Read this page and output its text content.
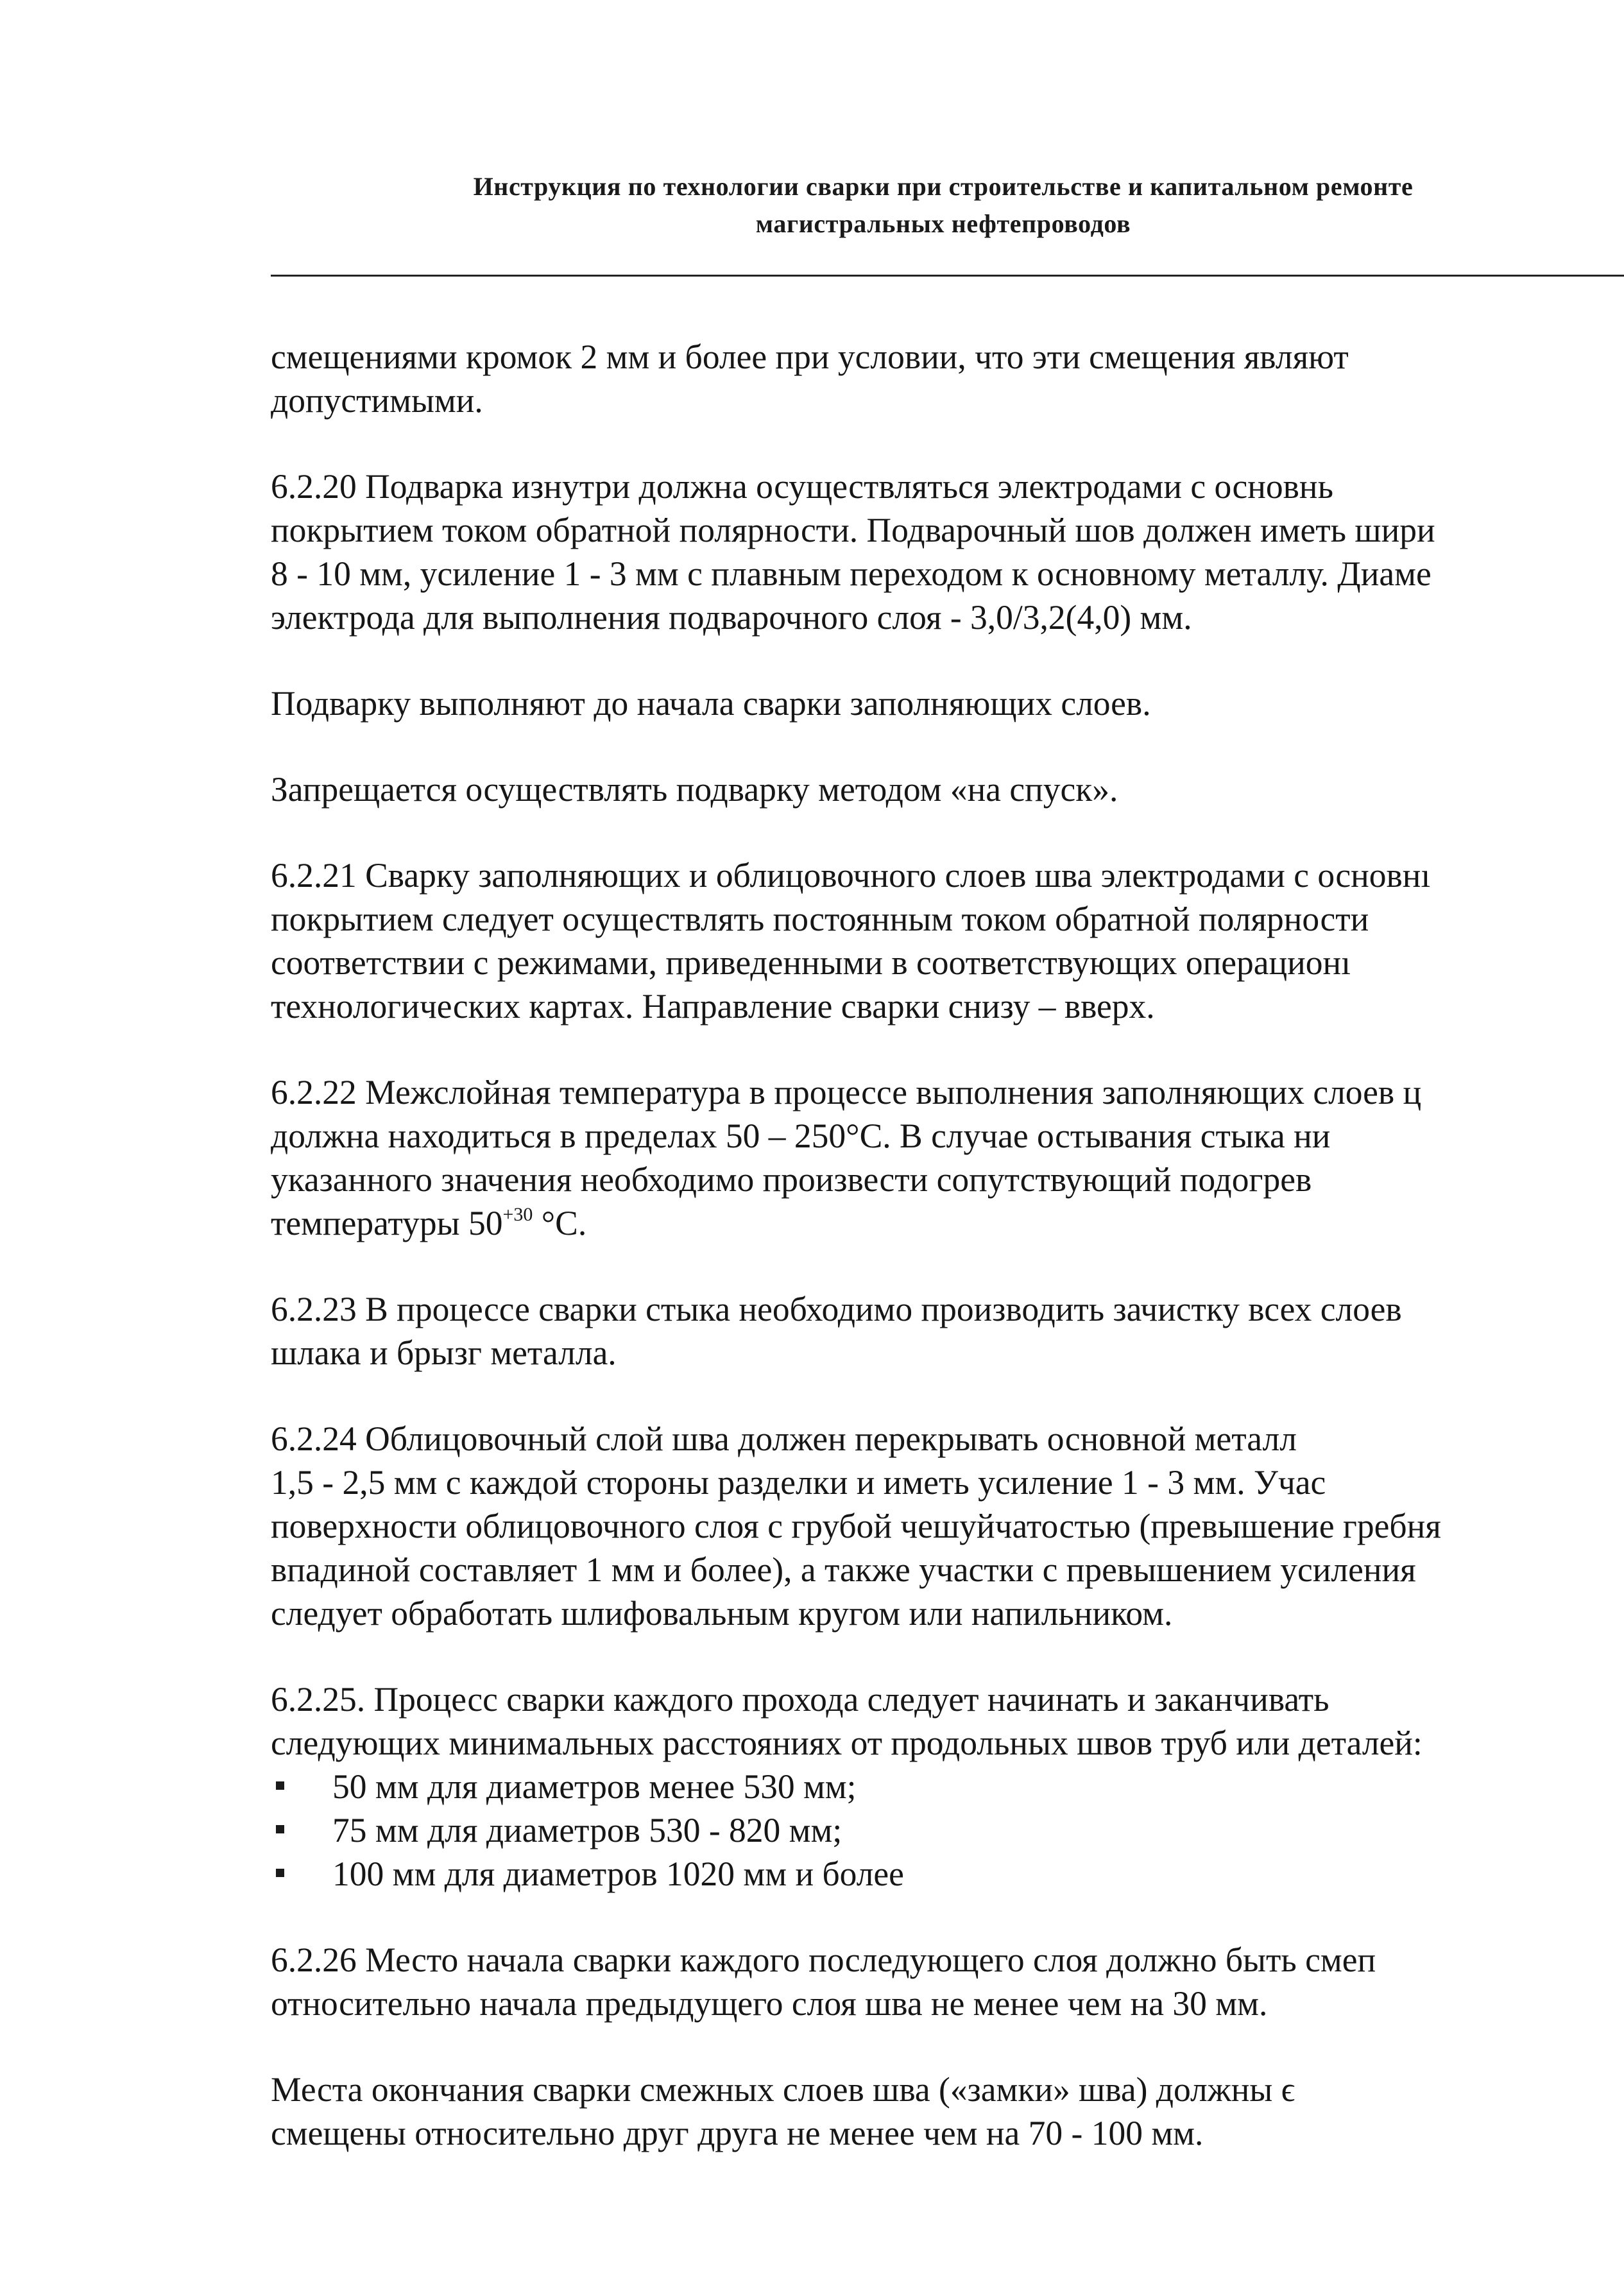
Инструкция по технологии сварки при строительстве и капитальном ремонте
магистральных нефтепроводов

смещениями кромок 2 мм и более при условии, что эти смещения являют
допустимыми.

6.2.20 Подварка изнутри должна осуществляться электродами с основнь
покрытием током обратной полярности. Подварочный шов должен иметь шири
8 - 10 мм, усиление 1 - 3 мм с плавным переходом к основному металлу. Диаме
электрода для выполнения подварочного слоя - 3,0/3,2(4,0) мм.

Подварку выполняют до начала сварки заполняющих слоев.

Запрещается осуществлять подварку методом «на спуск».

6.2.21 Сварку заполняющих и облицовочного слоев шва электродами с основнı
покрытием следует осуществлять постоянным током обратной полярности
соответствии с режимами, приведенными в соответствующих операционı
технологических картах. Направление сварки снизу – вверх.

6.2.22 Межслойная температура в процессе выполнения заполняющих слоев ц
должна находиться в пределах 50 – 250°С. В случае остывания стыка ни
указанного значения необходимо произвести сопутствующий подогрев
температуры $50^{+30}$ °С.

6.2.23 В процессе сварки стыка необходимо производить зачистку всех слоев
шлака и брызг металла.

6.2.24 Облицовочный слой шва должен перекрывать основной металл
1,5 - 2,5 мм с каждой стороны разделки и иметь усиление 1 - 3 мм. Учас
поверхности облицовочного слоя с грубой чешуйчатостью (превышение гребня
впадиной составляет 1 мм и более), а также участки с превышением усиления
следует обработать шлифовальным кругом или напильником.

6.2.25. Процесс сварки каждого прохода следует начинать и заканчивать
следующих минимальных расстояниях от продольных швов труб или деталей:

50 мм для диаметров менее 530 мм;
75 мм для диаметров 530 - 820 мм;
100 мм для диаметров 1020 мм и более

6.2.26 Место начала сварки каждого последующего слоя должно быть смеп
относительно начала предыдущего слоя шва не менее чем на 30 мм.

Места окончания сварки смежных слоев шва («замки» шва) должны ϵ
смещены относительно друг друга не менее чем на 70 - 100 мм.
